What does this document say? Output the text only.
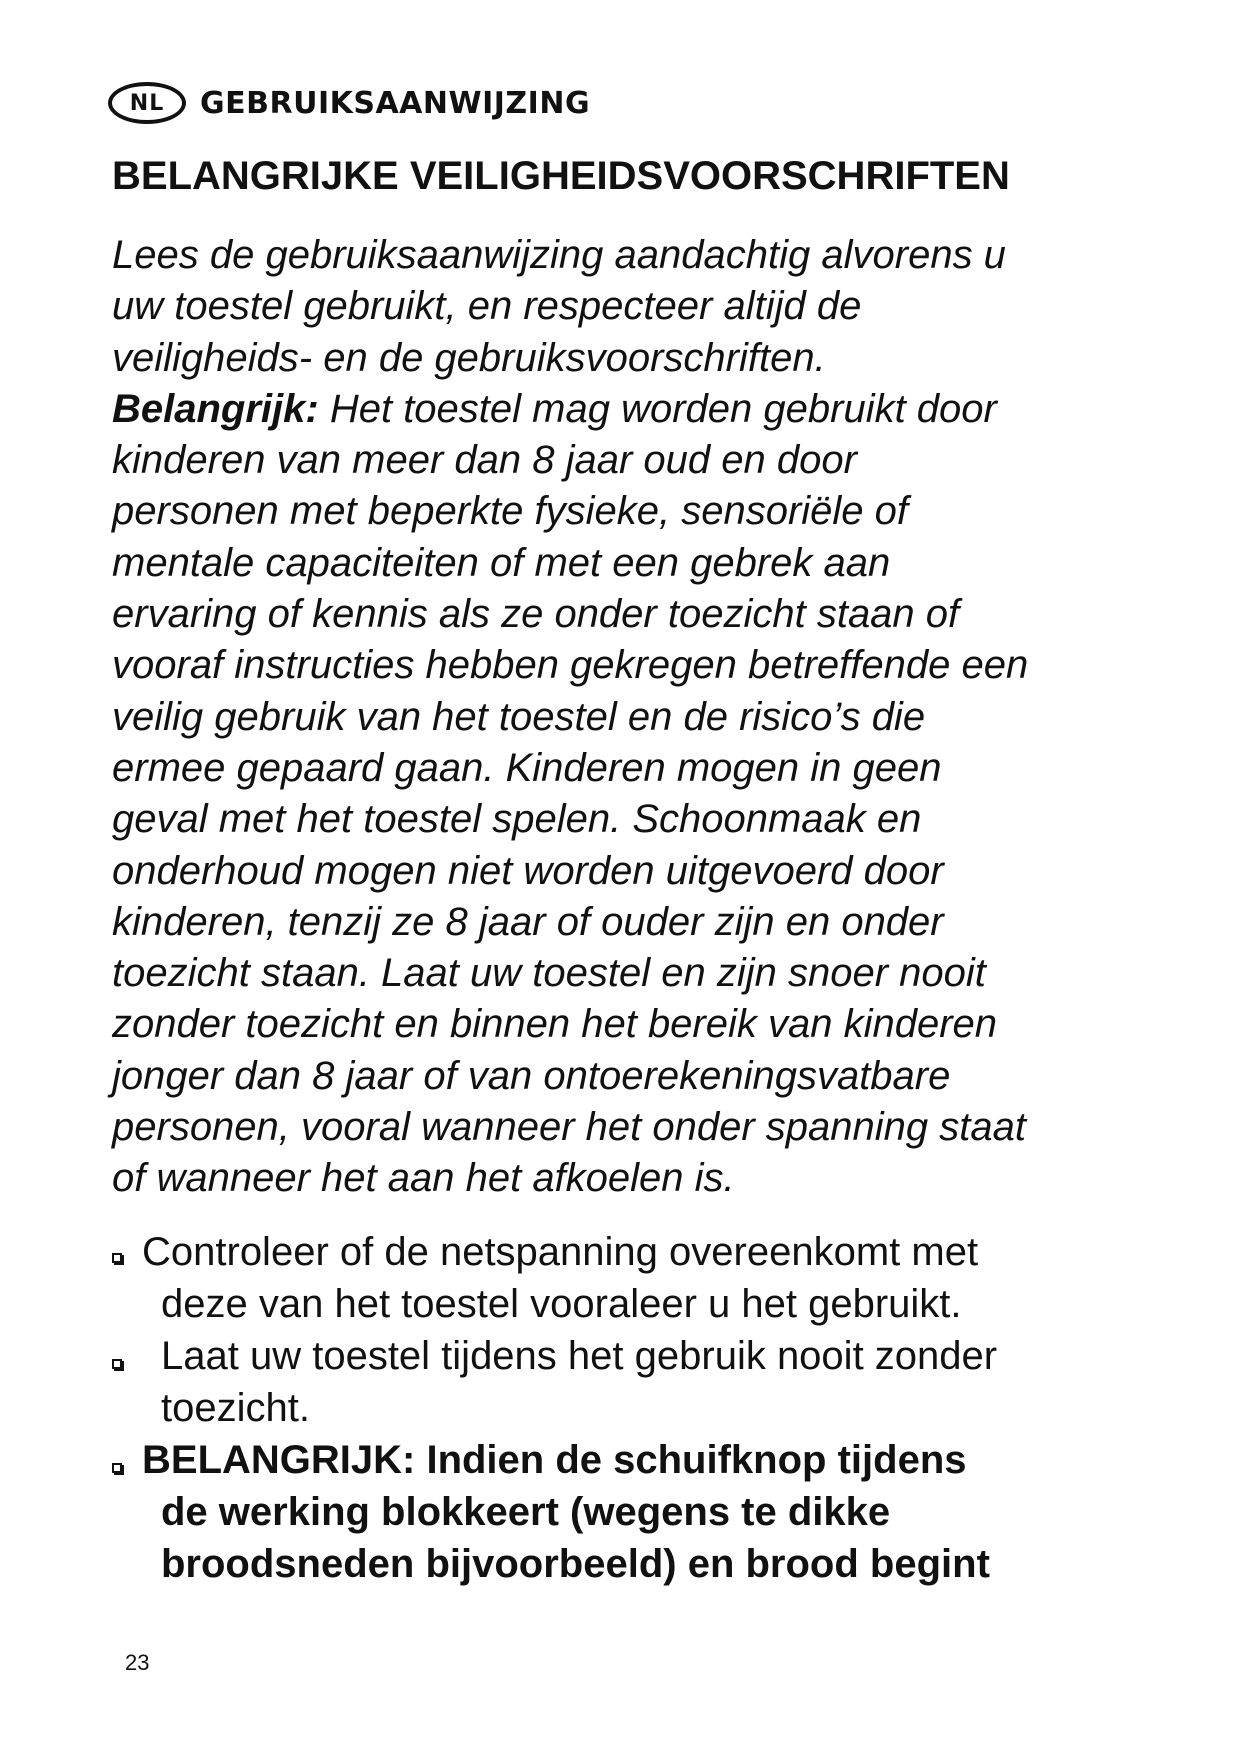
NL	GEBRUIKSAANWIJZING
BELANGRIJKE VEILIGHEIDSVOORSCHRIFTEN
Lees de gebruiksaanwijzing aandachtig alvorens u
uw toestel gebruikt, en respecteer altijd de
veiligheids- en de gebruiksvoorschriften.
Belangrijk: Het toestel mag worden gebruikt door
kinderen van meer dan 8 jaar oud en door
personen met beperkte fysieke, sensoriële of
mentale capaciteiten of met een gebrek aan
ervaring of kennis als ze onder toezicht staan of
vooraf instructies hebben gekregen betreffende een
veilig gebruik van het toestel en de risico’s die
ermee gepaard gaan. Kinderen mogen in geen
geval met het toestel spelen. Schoonmaak en
onderhoud mogen niet worden uitgevoerd door
kinderen, tenzij ze 8 jaar of ouder zijn en onder
toezicht staan. Laat uw toestel en zijn snoer nooit
zonder toezicht en binnen het bereik van kinderen
jonger dan 8 jaar of van ontoerekeningsvatbare
personen, vooral wanneer het onder spanning staat
of wanneer het aan het afkoelen is.
Controleer of de netspanning overeenkomt met
deze van het toestel vooraleer u het gebruikt.
Laat uw toestel tijdens het gebruik nooit zonder
toezicht.
BELANGRIJK: Indien de schuifknop tijdens
de werking blokkeert (wegens te dikke
broodsneden bijvoorbeeld) en brood begint
23
